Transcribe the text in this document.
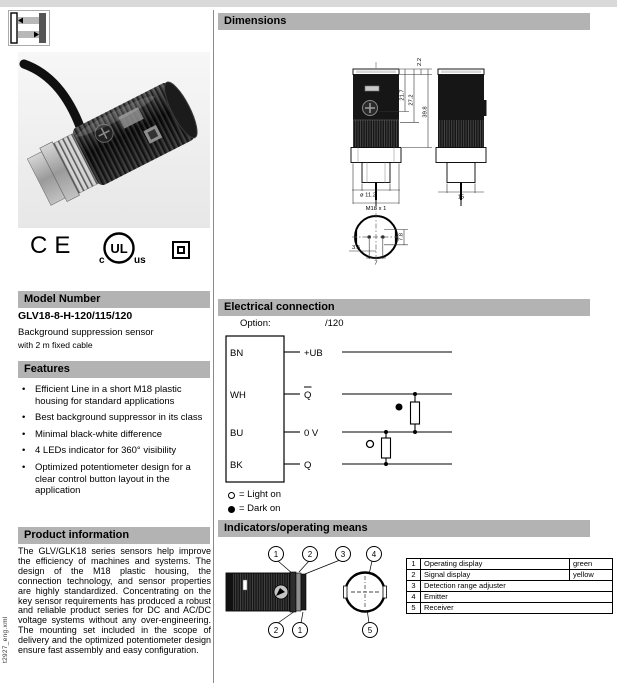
CE	UL
c	us
Model Number
GLV18-8-H-120/115/120
Background suppression sensor
with 2 m fixed cable
Features
• Efficient Line in a short M18 plastic housing for standard applications
• Best background suppressor in its class
• Minimal black-white difference
• 4 LEDs indicator for 360° visibility
• Optimized potentiometer design for a clear control button layout in the application
Product information
The GLV/GLK18 series sensors help improve the efficiency of machines and systems. The design of the M18 plastic housing, the connection technology, and sensor properties are highly standardized. Concentrating on the key sensor requirements has produced a robust and reliable product series for DC and AC/DC voltage systems without any over-engineering. The mounting set included in the scope of delivery and the optimized potentiometer design ensure fast assembly and easy configuration.
t2927_eng.xml
Dimensions
ø 11.2
M18 x 1
2.2
21.7 27.2
39.8
15
7
3.5
7.8
Electrical connection
Option:	/120
BN
WH
BU
BK
+UB
Q
0 V
Q
= Light on
= Dark on
Indicators/operating means
1	2	3
2 1
4
5
1	Operating display	green
2	Signal display	yellow
3	Detection range adjuster	
4	Emitter	
5	Receiver	
